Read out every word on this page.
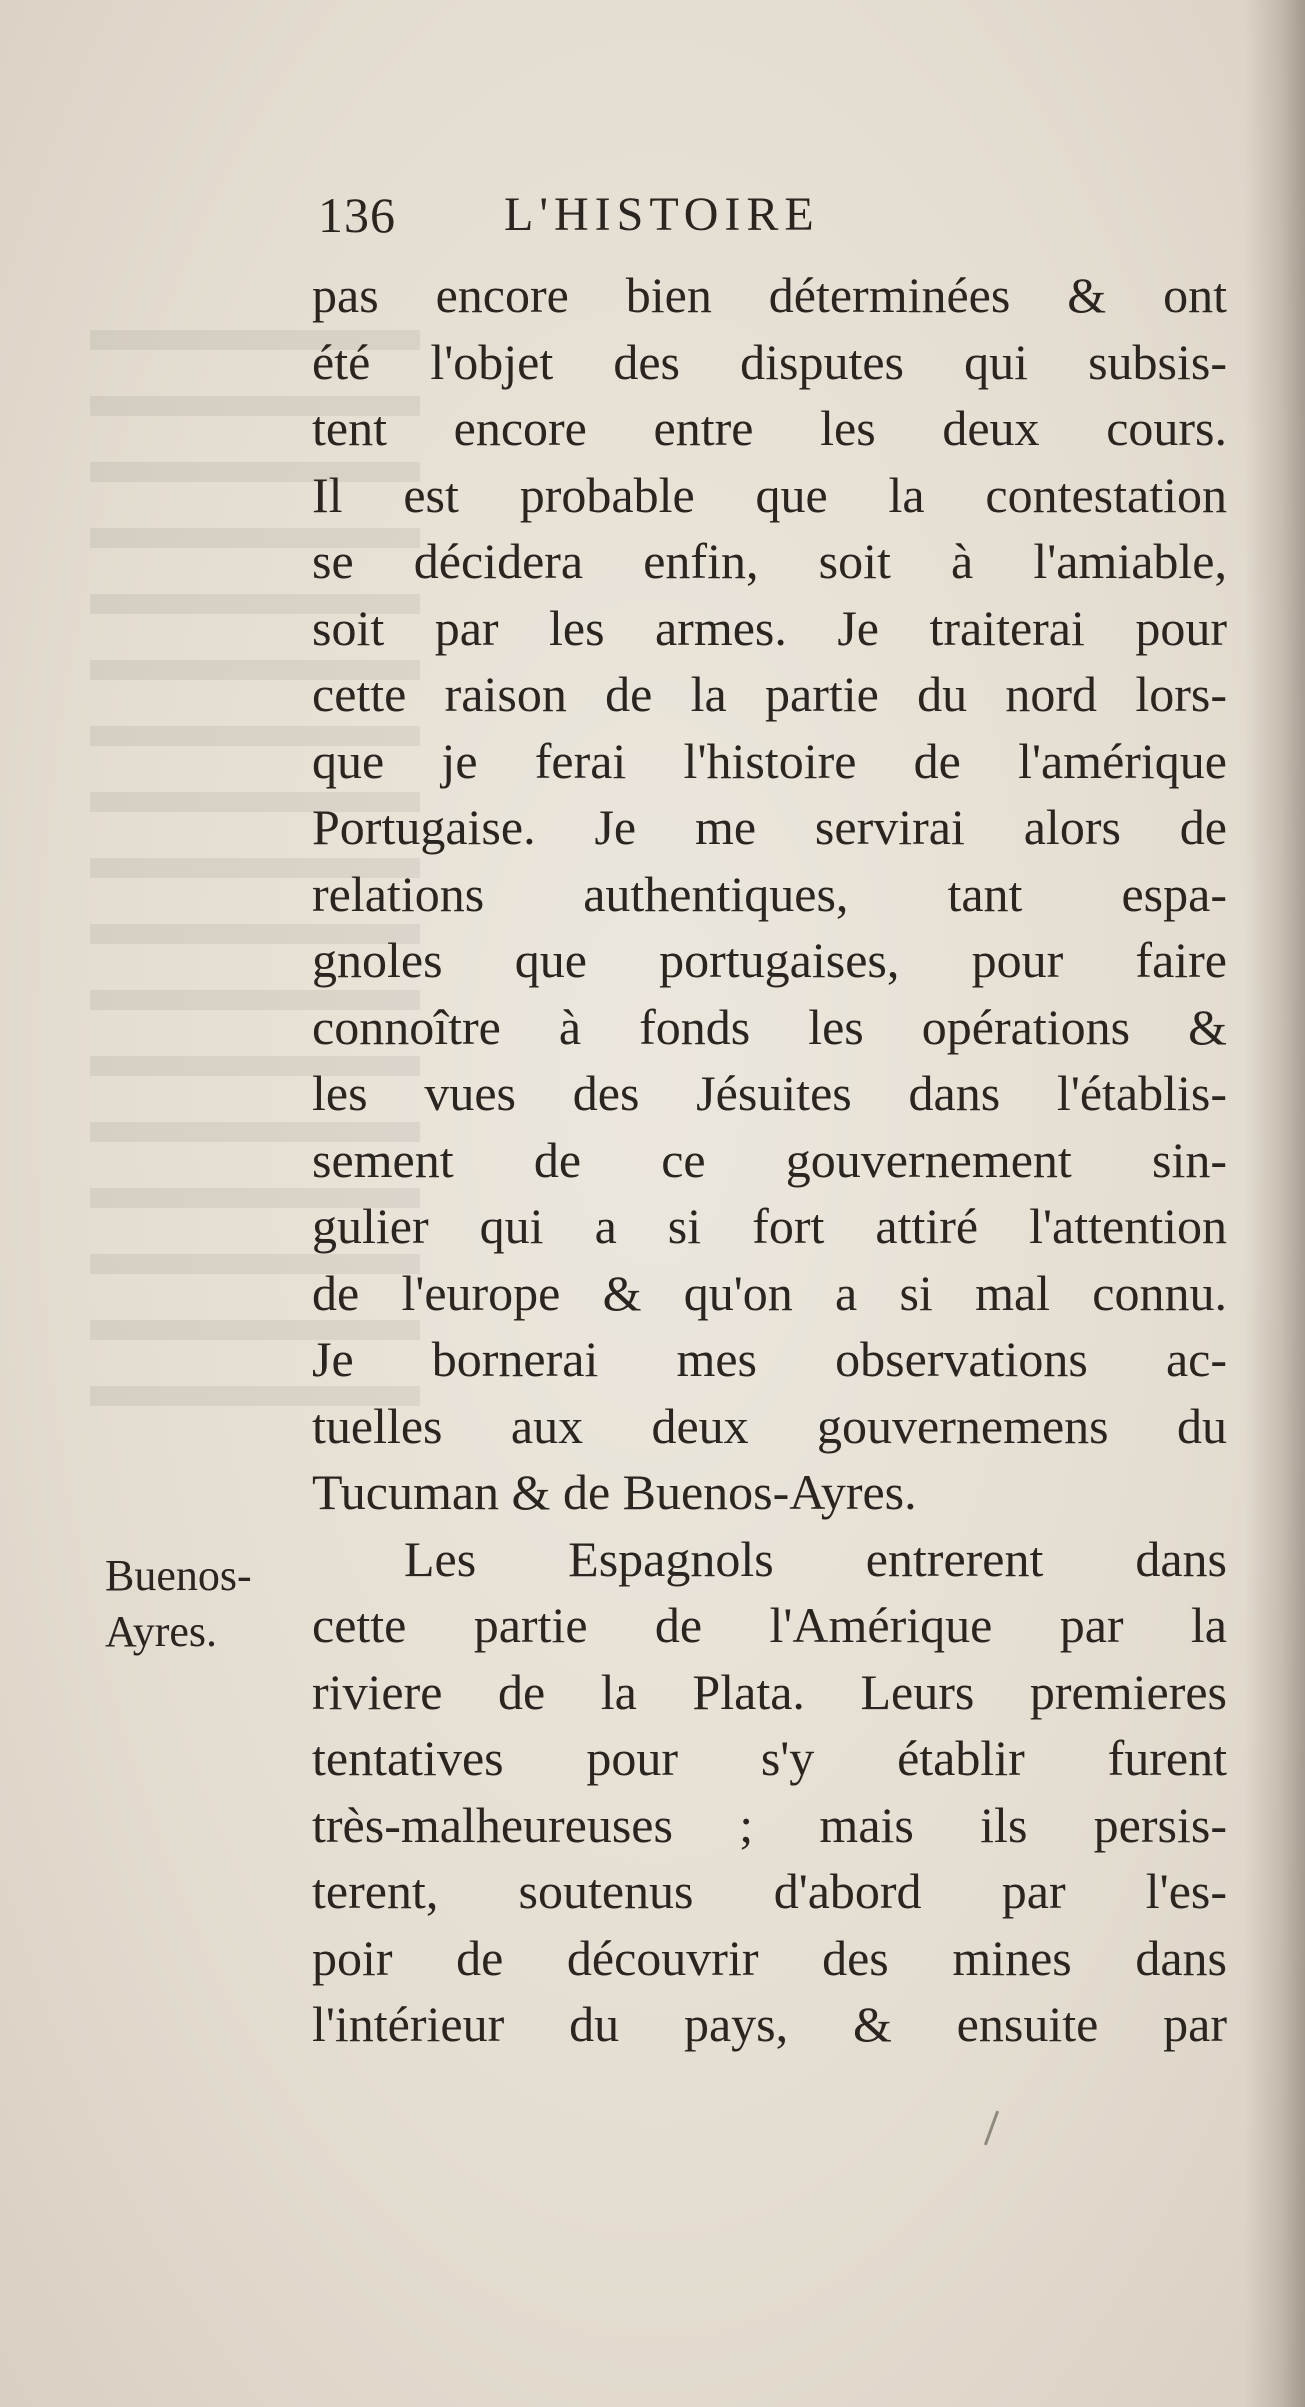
136 L'HISTOIRE
pas encore bien déterminées & ont
été l'objet des disputes qui subsis-
tent encore entre les deux cours.
Il est probable que la contestation
se décidera enfin, soit à l'amiable,
soit par les armes. Je traiterai pour
cette raison de la partie du nord lors-
que je ferai l'histoire de l'amérique
Portugaise. Je me servirai alors de
relations authentiques, tant espa-
gnoles que portugaises, pour faire
connoître à fonds les opérations &
les vues des Jésuites dans l'établis-
sement de ce gouvernement sin-
gulier qui a si fort attiré l'attention
de l'europe & qu'on a si mal connu.
Je bornerai mes observations ac-
tuelles aux deux gouvernemens du
Tucuman & de Buenos-Ayres.
Les Espagnols entrerent dans
cette partie de l'Amérique par la
riviere de la Plata. Leurs premieres
tentatives pour s'y établir furent
très-malheureuses ; mais ils persis-
terent, soutenus d'abord par l'es-
poir de découvrir des mines dans
l'intérieur du pays, & ensuite par
Buenos-
Ayres.
